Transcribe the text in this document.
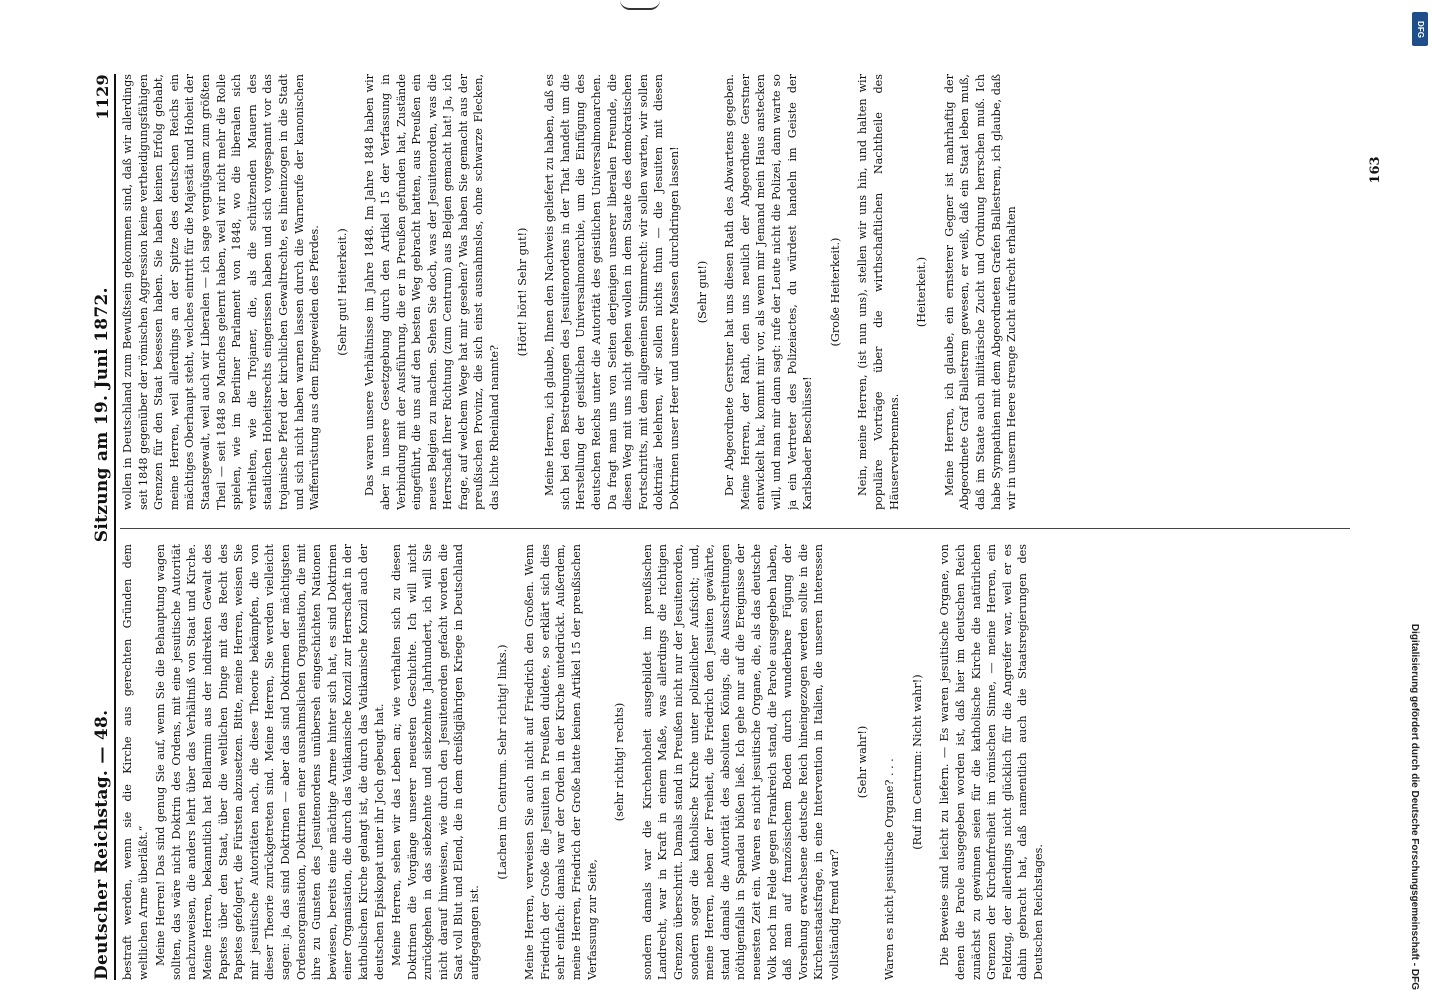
Deutscher Reichstag. — 48.
Sitzung am 19. Juni 1872.
1129

bestraft werden, wenn sie die Kirche aus gerechten Gründen dem weltlichen Arme überläßt.“ Meine Herren! Das sind genug Sie auf, wenn Sie die Behauptung wagen sollten, das wäre nicht Doktrin des Ordens, mit eine jesuitische Autorität nachzuweisen, die anders lehrt über das Verhältniß von Staat und Kirche. Meine Herren, bekanntlich hat Bellarmin aus der indirekten Gewalt des Papstes über den Staat, über die weltlichen Dinge mit das Recht des Papstes gefolgert, die Fürsten abzusetzen. Bitte, meine Herren, weisen Sie mir jesuitische Autoritäten nach, die diese Theorie bekämpfen, die von dieser Theorie zurückgetreten sind. Meine Herren, Sie werden vielleicht sagen: ja, das sind Doktrinen — aber das sind Doktrinen der mächtigsten Ordensorganisation, Doktrinen einer ausnahmslichen Organisation, die mit ihre zu Gunsten des Jesuitenordens unüberseh eingeschichten Nationen bewiesen, bereits eine mächtige Armee hinter sich hat, es sind Doktrinen einer Organisation, die durch das Vatikanische Konzil zur Herrschaft in der katholischen Kirche gelangt ist, die durch das Vatikanische Konzil auch der deutschen Episkopat unter ihr Joch gebeugt hat. Meine Herren, sehen wir das Leben an; wie verhalten sich zu diesen Doktrinen die Vorgänge unserer neuesten Geschichte. Ich will nicht zurückgehen in das siebzehnte und siebzehnte Jahrhundert, ich will Sie nicht darauf hinweisen, wie durch den Jesuitenorden gefacht worden die Saat voll Blut und Elend, die in dem dreißigjährigen Kriege in Deutschland aufgegangen ist.

(Lachen im Centrum. Sehr richtig! links.) Meine Herren, verweisen Sie auch nicht auf Friedrich den Großen. Wenn Friedrich der Große die Jesuiten in Preußen duldete, so erklärt sich dies sehr einfach: damals war der Orden in der Kirche untedrückt. Außerdem, meine Herren, Friedrich der Große hatte keinen Artikel 15 der preußischen Verfassung zur Seite,

(sehr richtig! rechts) sondern damals war die Kirchenhoheit ausgebildet im preußischen Landrecht, war in Kraft in einem Maße, was allerdings die richtigen Grenzen überschritt. Damals stand in Preußen nicht nur der Jesuitenorden, sondern sogar die katholische Kirche unter polizeilicher Aufsicht; und, meine Herren, neben der Freiheit, die Friedrich den Jesuiten gewährte, stand damals die Autorität des absoluten Königs, die Ausschreitungen nöthigenfalls in Spandau büßen ließ. Ich gehe nur auf die Ereignisse der neuesten Zeit ein. Waren es nicht jesuitische Organe, die, als das deutsche Volk noch im Felde gegen Frankreich stand, die Parole ausgegeben haben, daß man auf französischem Boden durch wunderbare Fügung der Vorsehung erwachsene deutsche Reich hineingezogen werden sollte in die Kirchenstaatsfrage, in eine Intervention in Italien, die unseren Interessen vollständig fremd war?

(Sehr wahr!) Waren es nicht jesuitische Organe? . . . (Ruf im Centrum: Nicht wahr!) Die Beweise sind leicht zu liefern. — Es waren jesuitische Organe, von denen die Parole ausgegeben worden ist, daß hier im deutschen Reich zunächst zu gewinnen seien für die katholische Kirche die natürlichen Grenzen der Kirchenfreiheit im römischen Sinne, — meine Herren, ein Feldzug, der allerdings nicht glücklich für die Angreifer war, weil er es dahin gebracht hat, daß namentlich auch die Staatsregierungen des Deutschen Reichstages.

wollen in Deutschland zum Bewußtsein gekommen sind, daß wir allerdings seit 1848 gegenüber der römischen Aggression keine vertheidigungsfähigen Grenzen für den Staat besessen haben. Sie haben keinen Erfolg gehabt, meine Herren, weil allerdings an der Spitze des deutschen Reichs ein mächtiges Oberhaupt steht, welches eintritt für die Majestät und Hoheit der Staatsgewalt, weil auch wir Liberalen — ich sage vergnügsam zum größten Theil — seit 1848 so Manches gelernt haben, weil wir nicht mehr die Rolle spielen, wie im Berliner Parlament von 1848, wo die liberalen sich verhielten, wie die Trojaner, die, als die schützenden Mauern des staatlichen Hoheitsrechts eingerissen haben und sich vorgespannt vor das trojanische Pferd der kirchlichen Gewaltrechte, es hineinzogen in die Stadt und sich nicht haben warnen lassen durch die Warnerufe der kanonischen Waffenrüstung aus dem Eingeweiden des Pferdes. (Sehr gut! Heiterkeit.) Das waren unsere Verhältnisse im Jahre 1848. Im Jahre 1848 haben wir aber in unsere Gesetzgebung durch den Artikel 15 der Verfassung in Verbindung mit der Ausführung, die er in Preußen gefunden hat, Zustände eingeführt, die uns auf den besten Weg gebracht hatten, aus Preußen ein neues Belgien zu machen. Sehen Sie doch, was der Jesuitenorden, was die Herrschaft Ihrer Richtung (zum Centrum) aus Belgien gemacht hat! Ja, ich frage, auf welchem Wege hat mir gesehen? Was haben Sie gemacht aus der preußischen Provinz, die sich einst ausnahmslos, ohne schwarze Flecken, das lichte Rheinland nannte?

(Hört! hört! Sehr gut!) Meine Herren, ich glaube, Ihnen den Nachweis geliefert zu haben, daß es sich bei den Bestrebungen des Jesuitenordens in der That handelt um die Herstellung der geistlichen Universalmonarchie, um die Einfügung des deutschen Reichs unter die Autorität des geistlichen Universalmonarchen. Da fragt man uns von Seiten derjenigen unserer liberalen Freunde, die diesen Weg mit uns nicht gehen wollen in dem Staate des demokratischen Fortschritts, mit dem allgemeinen Stimmrecht: wir sollen warten, wir sollen doktrinär belehren, wir sollen nichts thun — die Jesuiten mit diesen Doktrinen unser Heer und unsere Massen durchdringen lassen! (Sehr gut!) Der Abgeordnete Gerstner hat uns diesen Rath des Abwartens gegeben. Meine Herren, der Rath, den uns neulich der Abgeordnete Gerstner entwickelt hat, kommt mir vor, als wenn mir Jemand mein Haus anstecken will, und man mir dann sagt: rufe der Leute nicht die Polizei, dann warte so ja ein Vertreter des Polizeiactes, du würdest handeln im Geiste der Karlsbader Beschlüsse!

(Große Heiterkeit.) Nein, meine Herren, (ist nun uns), stellen wir uns hin, und halten wir populäre Vorträge über die wirthschaftlichen Nachtheile des Häuserverbrennens.

(Heiterkeit.) Meine Herren, ich glaube, ein ernsterer Gegner ist mahrhaftig der Abgeordnete Graf Ballestrem gewesen, er weiß, daß ein Staat leben muß, daß im Staate auch militärische Zucht und Ordnung herrschen muß. Ich habe Sympathien mit dem Abgeordneten Grafen Ballestrem, ich glaube, daß wir in unserm Heere strenge Zucht aufrecht erhalten

163
Digitalisierung gefördert durch die Deutsche Forschungsgemeinschaft - DFG
DFG
